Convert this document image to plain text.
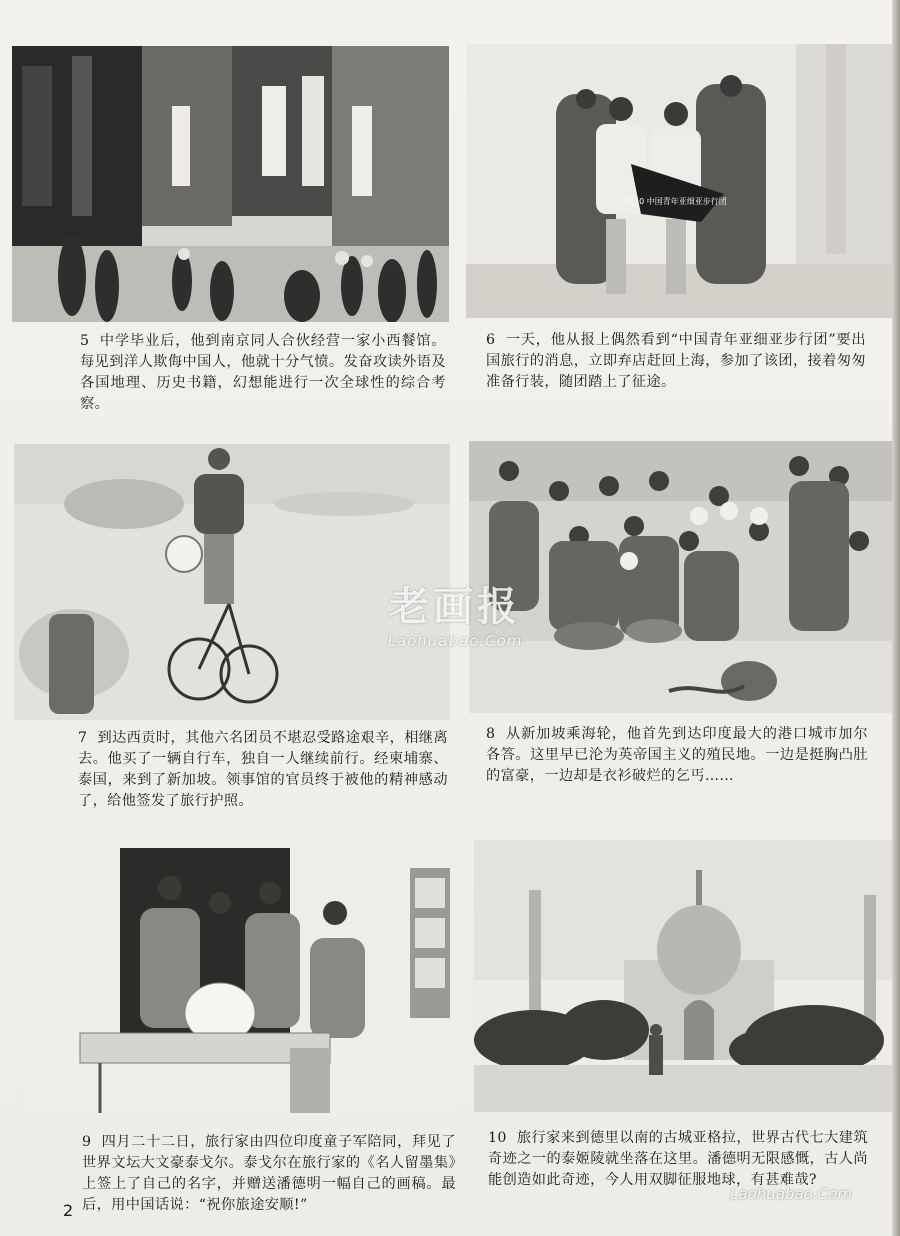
5 中学毕业后，他到南京同人合伙经营一家小西餐馆。每见到洋人欺侮中国人，他就十分气愤。发奋攻读外语及各国地理、历史书籍，幻想能进行一次全球性的综合考察。
一九三0 中国青年亚细亚步行团
6 一天，他从报上偶然看到“中国青年亚细亚步行团”要出国旅行的消息，立即弃店赶回上海，参加了该团，接着匆匆准备行装，随团踏上了征途。
7 到达西贡时，其他六名团员不堪忍受路途艰辛，相继离去。他买了一辆自行车，独自一人继续前行。经柬埔寨、泰国，来到了新加坡。领事馆的官员终于被他的精神感动了，给他签发了旅行护照。
8 从新加坡乘海轮，他首先到达印度最大的港口城市加尔各答。这里早已沦为英帝国主义的殖民地。一边是挺胸凸肚的富豪，一边却是衣衫破烂的乞丐……
9 四月二十二日，旅行家由四位印度童子军陪同，拜见了世界文坛大文豪泰戈尔。泰戈尔在旅行家的《名人留墨集》上签上了自己的名字，并赠送潘德明一幅自己的画稿。最后，用中国话说：“祝你旅途安顺!”
10 旅行家来到德里以南的古城亚格拉，世界古代七大建筑奇迹之一的泰姬陵就坐落在这里。潘德明无限感慨，古人尚能创造如此奇迹，今人用双脚征服地球，有甚难哉?
老画报
Laohuabao.Com
Laohuabao.Com
2
